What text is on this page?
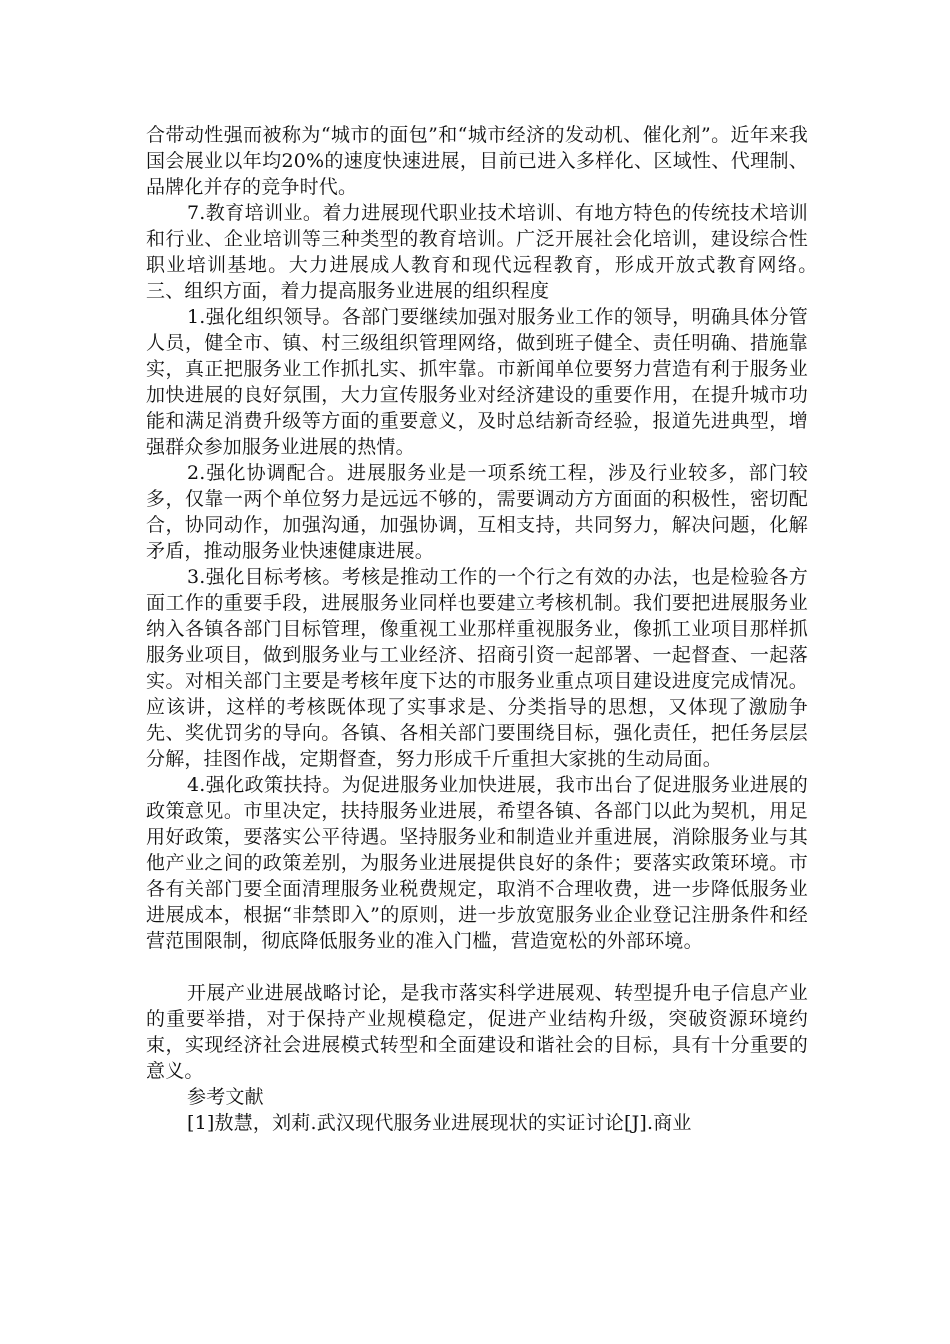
合带动性强而被称为“城市的面包”和“城市经济的发动机、催化剂”。近年来我国会展业以年均20%的速度快速进展，目前已进入多样化、区域性、代理制、品牌化并存的竞争时代。

7.教育培训业。着力进展现代职业技术培训、有地方特色的传统技术培训和行业、企业培训等三种类型的教育培训。广泛开展社会化培训，建设综合性职业培训基地。大力进展成人教育和现代远程教育，形成开放式教育网络。　　　　三、组织方面，着力提高服务业进展的组织程度

1.强化组织领导。各部门要继续加强对服务业工作的领导，明确具体分管人员，健全市、镇、村三级组织管理网络，做到班子健全、责任明确、措施靠实，真正把服务业工作抓扎实、抓牢靠。市新闻单位要努力营造有利于服务业加快进展的良好氛围，大力宣传服务业对经济建设的重要作用，在提升城市功能和满足消费升级等方面的重要意义，及时总结新奇经验，报道先进典型，增强群众参加服务业进展的热情。

2.强化协调配合。进展服务业是一项系统工程，涉及行业较多，部门较多，仅靠一两个单位努力是远远不够的，需要调动方方面面的积极性，密切配合，协同动作，加强沟通，加强协调，互相支持，共同努力，解决问题，化解矛盾，推动服务业快速健康进展。

3.强化目标考核。考核是推动工作的一个行之有效的办法，也是检验各方面工作的重要手段，进展服务业同样也要建立考核机制。我们要把进展服务业纳入各镇各部门目标管理，像重视工业那样重视服务业，像抓工业项目那样抓服务业项目，做到服务业与工业经济、招商引资一起部署、一起督查、一起落实。对相关部门主要是考核年度下达的市服务业重点项目建设进度完成情况。应该讲，这样的考核既体现了实事求是、分类指导的思想，又体现了激励争先、奖优罚劣的导向。各镇、各相关部门要围绕目标，强化责任，把任务层层分解，挂图作战，定期督查，努力形成千斤重担大家挑的生动局面。

4.强化政策扶持。为促进服务业加快进展，我市出台了促进服务业进展的政策意见。市里决定，扶持服务业进展，希望各镇、各部门以此为契机，用足用好政策，要落实公平待遇。坚持服务业和制造业并重进展，消除服务业与其他产业之间的政策差别，为服务业进展提供良好的条件；要落实政策环境。市各有关部门要全面清理服务业税费规定，取消不合理收费，进一步降低服务业进展成本，根据“非禁即入”的原则，进一步放宽服务业企业登记注册条件和经营范围限制，彻底降低服务业的准入门槛，营造宽松的外部环境。

开展产业进展战略讨论，是我市落实科学进展观、转型提升电子信息产业的重要举措，对于保持产业规模稳定，促进产业结构升级，突破资源环境约束，实现经济社会进展模式转型和全面建设和谐社会的目标，具有十分重要的意义。

参考文献

[1]敖慧，刘莉.武汉现代服务业进展现状的实证讨论[J].商业
